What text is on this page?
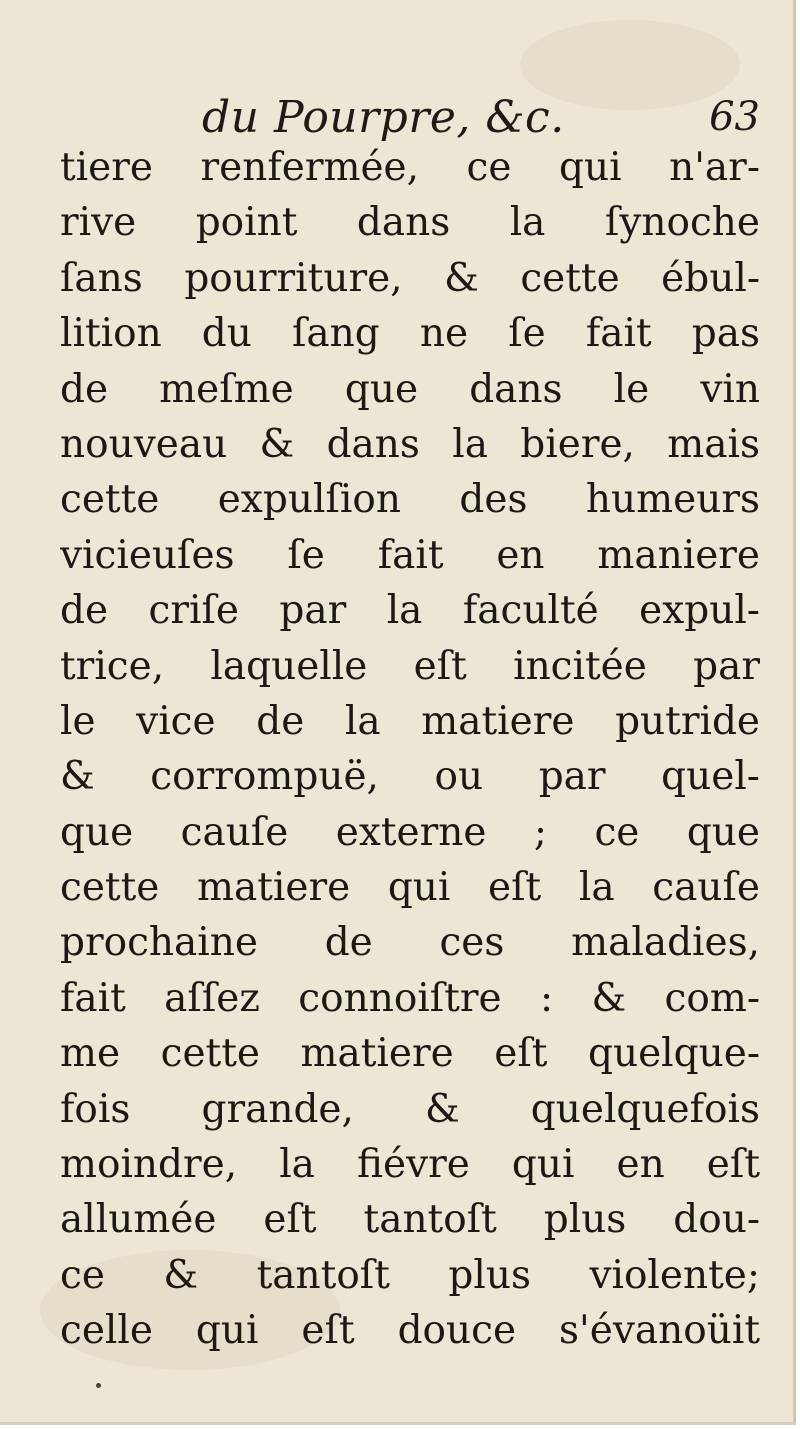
du Pourpre, &c.	63
tiere renfermée, ce qui n'ar-
rive point dans la ſynoche
ſans pourriture, & cette ébul-
lition du ſang ne ſe fait pas
de meſme que dans le vin
nouveau & dans la biere, mais
cette expulſion des humeurs
vicieuſes ſe fait en maniere
de criſe par la faculté expul-
trice, laquelle eſt incitée par
le vice de la matiere putride
& corrompuë, ou par quel-
que cauſe externe ; ce que
cette matiere qui eſt la cauſe
prochaine de ces maladies,
fait aſſez connoiſtre : & com-
me cette matiere eſt quelque-
fois grande, & quelquefois
moindre, la fiévre qui en eſt
allumée eſt tantoſt plus dou-
ce & tantoſt plus violente;
celle qui eſt douce s'évanoüit
